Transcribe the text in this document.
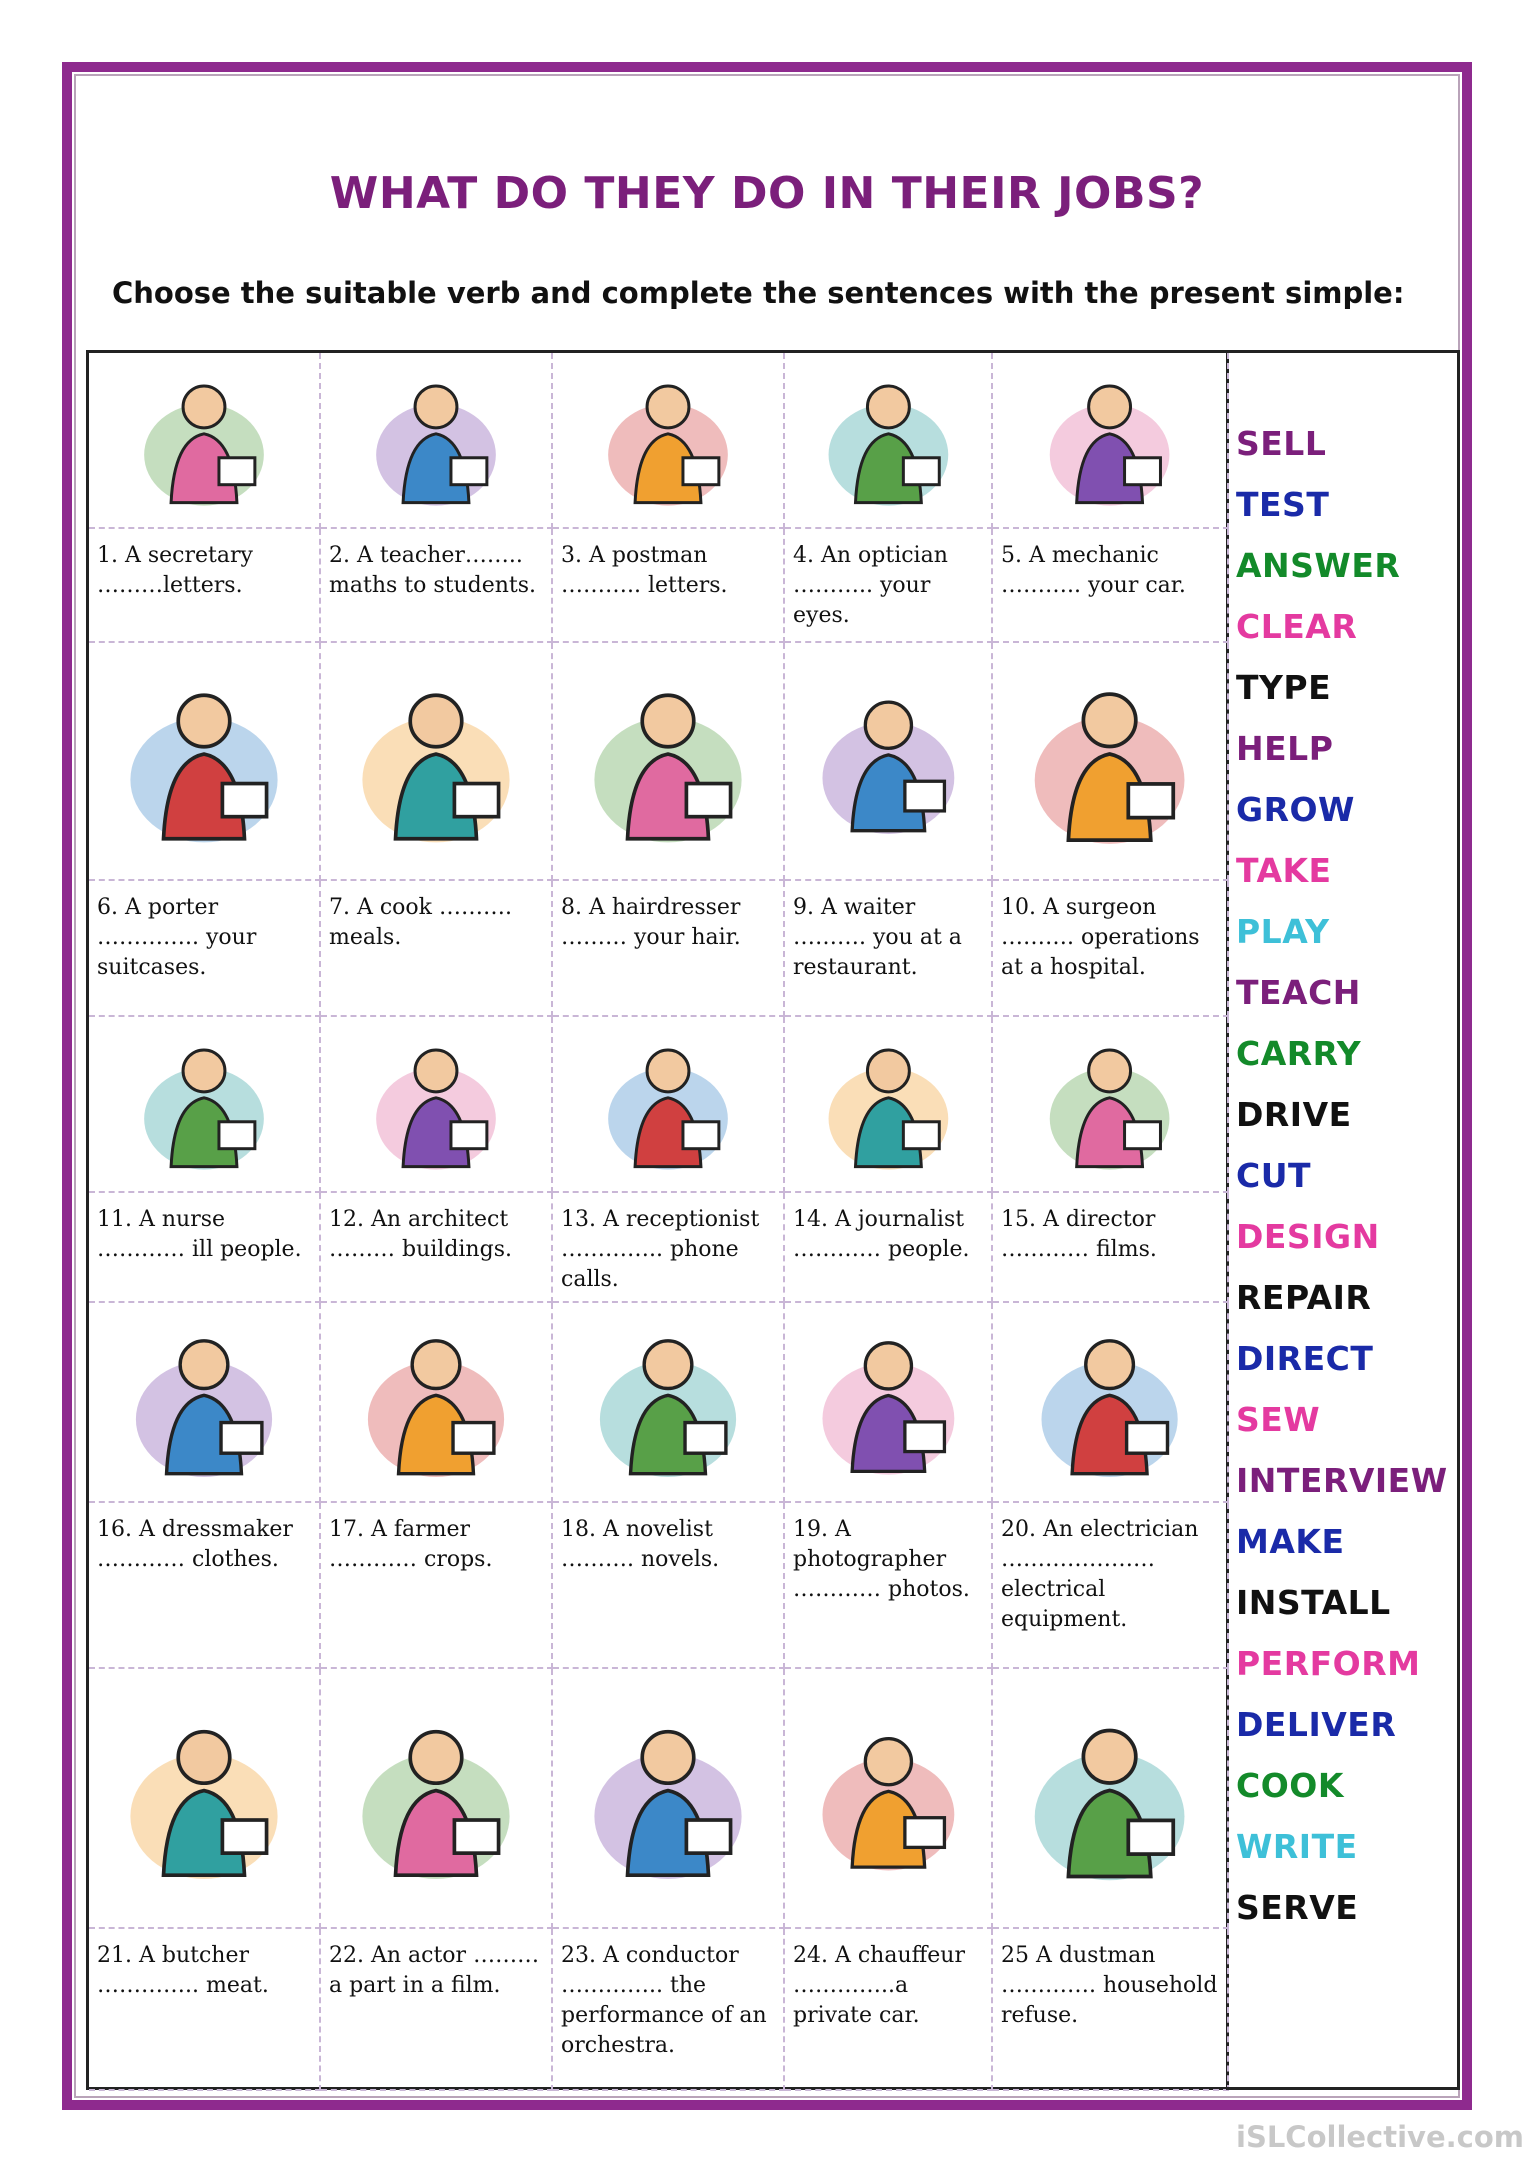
WHAT DO THEY DO IN THEIR JOBS?

Choose the suitable verb and complete the sentences with the present simple:

1. A secretary ………letters.
2. A teacher…….. maths to students.
3. A postman ……….. letters.
4. An optician ……….. your eyes.
5. A mechanic ……….. your car.
6. A porter ………….. your suitcases.
7. A cook ………. meals.
8. A hairdresser ……… your hair.
9. A waiter ………. you at a restaurant.
10. A surgeon ………. operations at a hospital.
11. A nurse ………… ill people.
12. An architect ……… buildings.
13. A receptionist ………….. phone calls.
14. A journalist ………… people.
15. A director ………… films.
16. A dressmaker ………… clothes.
17. A farmer ………… crops.
18. A novelist ………. novels.
19. A photographer ………… photos.
20. An electrician ………………… electrical equipment.
21. A butcher ………….. meat.
22. An actor ……… a part in a film.
23. A conductor ………….. the performance of an orchestra.
24. A chauffeur …………..a private car.
25 A dustman …………. household refuse.

SELL

TEST

ANSWER

CLEAR

TYPE

HELP

GROW

TAKE

PLAY

TEACH

CARRY

DRIVE

CUT

DESIGN

REPAIR

DIRECT

SEW

INTERVIEW

MAKE

INSTALL

PERFORM

DELIVER

COOK

WRITE

SERVE

iSLCollective.com
